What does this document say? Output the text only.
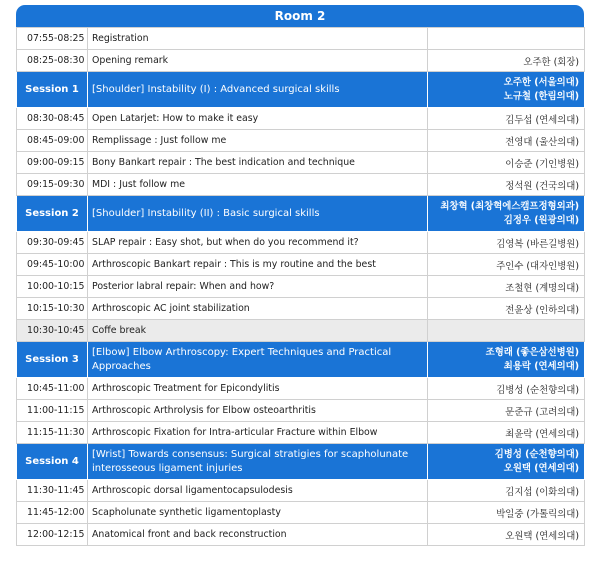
Room 2
07:55-08:25	Registration	
08:25-08:30	Opening remark	오주한 (회장)
Session 1	[Shoulder] Instability (I) : Advanced surgical skills	오주한 (서울의대)
노규철 (한림의대)

08:30-08:45	Open Latarjet: How to make it easy	김두섭 (연세의대)
08:45-09:00	Remplissage : Just follow me	전영대 (울산의대)
09:00-09:15	Bony Bankart repair : The best indication and technique	이승준 (기인병원)
09:15-09:30	MDI : Just follow me	정석원 (건국의대)
Session 2	[Shoulder] Instability (II) : Basic surgical skills	최창혁 (최창혁에스캠프정형외과)
김정우 (원광의대)

09:30-09:45	SLAP repair : Easy shot, but when do you recommend it?	김영복 (바른길병원)
09:45-10:00	Arthroscopic Bankart repair : This is my routine and the best	주인수 (대자인병원)
10:00-10:15	Posterior labral repair: When and how?	조철현 (계명의대)
10:15-10:30	Arthroscopic AC joint stabilization	전윤상 (인하의대)
10:30-10:45	Coffe break	
Session 3	[Elbow] Elbow Arthroscopy: Expert Techniques and Practical Approaches	조형래 (좋은삼선병원)
최용락 (연세의대)

10:45-11:00	Arthroscopic Treatment for Epicondylitis	김병성 (순천향의대)
11:00-11:15	Arthroscopic Arthrolysis for Elbow osteoarthritis	문준규 (고려의대)
11:15-11:30	Arthroscopic Fixation for Intra-articular Fracture within Elbow	최윤락 (연세의대)
Session 4	[Wrist] Towards consensus: Surgical stratigies for scapholunate interosseous ligament injuries	김병성 (순천향의대)
오원택 (연세의대)

11:30-11:45	Arthroscopic dorsal ligamentocapsulodesis	김지섭 (이화의대)
11:45-12:00	Scapholunate synthetic ligamentoplasty	박일중 (가톨릭의대)
12:00-12:15	Anatomical front and back reconstruction	오원택 (연세의대)
